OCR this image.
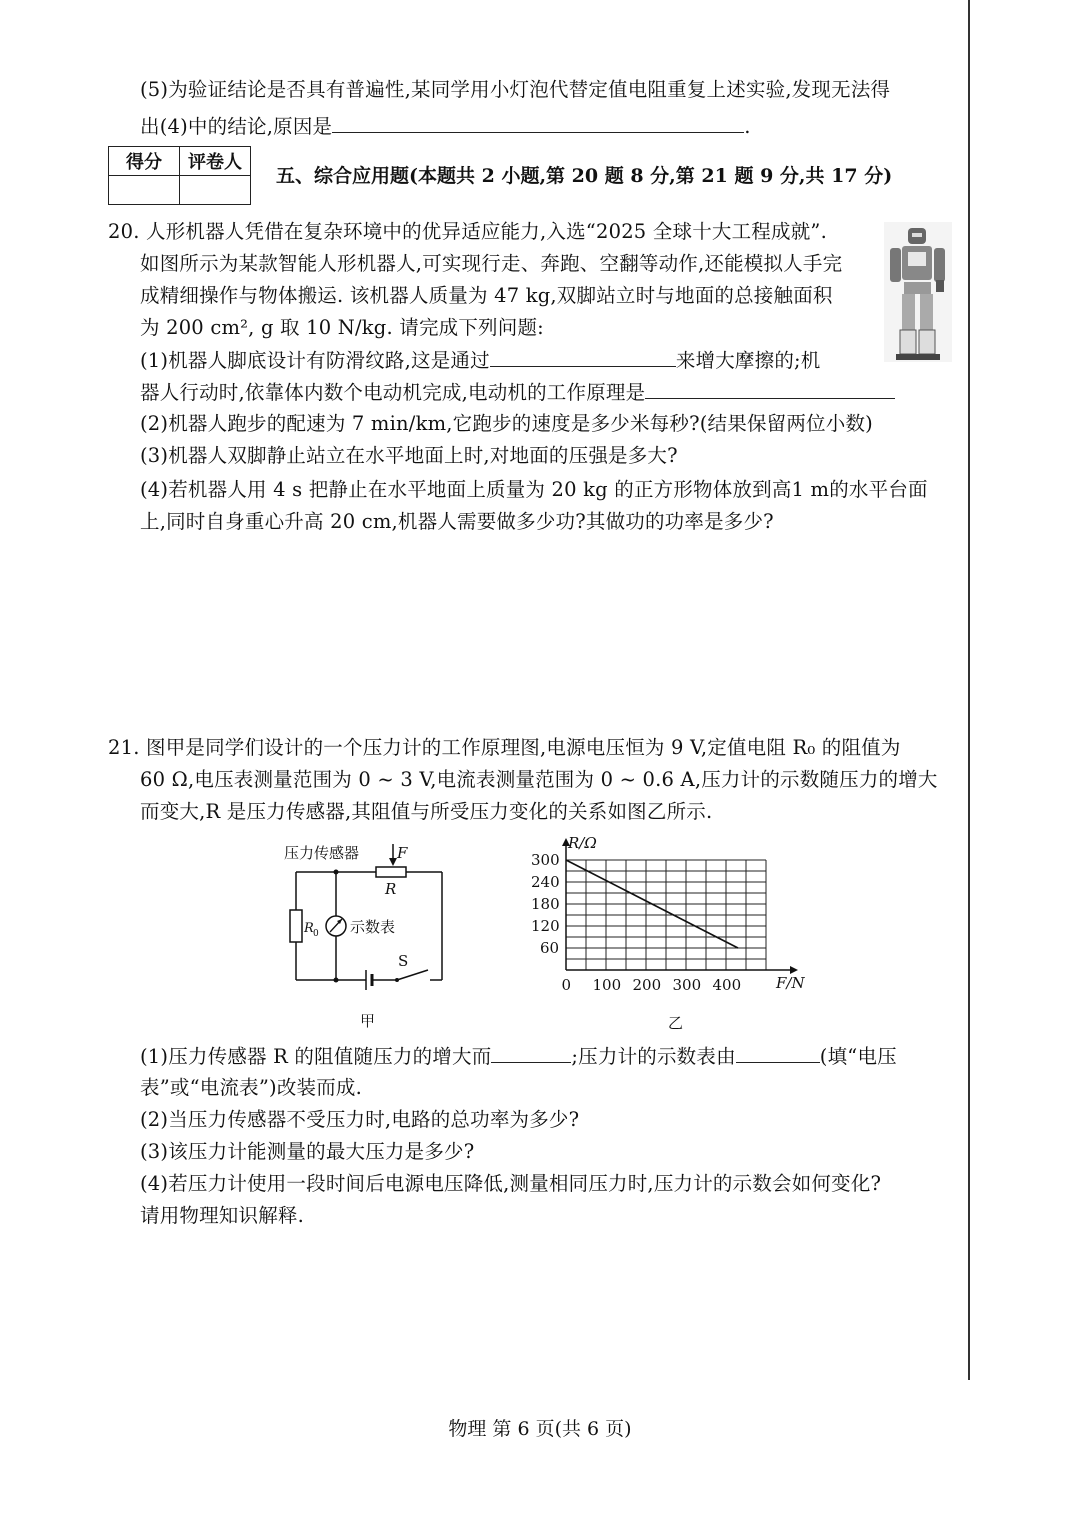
(5)为验证结论是否具有普遍性,某同学用小灯泡代替定值电阻重复上述实验,发现无法得
出(4)中的结论,原因是	.
得分	评卷人

五、综合应用题(本题共 2 小题,第 20 题 8 分,第 21 题 9 分,共 17 分)
20. 人形机器人凭借在复杂环境中的优异适应能力,入选“2025 全球十大工程成就”.
如图所示为某款智能人形机器人,可实现行走、奔跑、空翻等动作,还能模拟人手完
成精细操作与物体搬运. 该机器人质量为 47 kg,双脚站立时与地面的总接触面积
为 200 cm², g 取 10 N/kg. 请完成下列问题:
(1)机器人脚底设计有防滑纹路,这是通过	来增大摩擦的;机
器人行动时,依靠体内数个电动机完成,电动机的工作原理是
(2)机器人跑步的配速为 7 min/km,它跑步的速度是多少米每秒?(结果保留两位小数)
(3)机器人双脚静止站立在水平地面上时,对地面的压强是多大?
(4)若机器人用 4 s 把静止在水平地面上质量为 20 kg 的正方形物体放到高1 m的水平台面
上,同时自身重心升高 20 cm,机器人需要做多少功?其做功的功率是多少?
21. 图甲是同学们设计的一个压力计的工作原理图,电源电压恒为 9 V,定值电阻 R₀ 的阻值为
60 Ω,电压表测量范围为 0 ~ 3 V,电流表测量范围为 0 ~ 0.6 A,压力计的示数随压力的增大
而变大,R 是压力传感器,其阻值与所受压力变化的关系如图乙所示.
压力传感器	F
R
S
R 0 示数表
甲
0 100 200 300 400
60
120
180
240
300
R/Ω
F/N
乙
(1)压力传感器 R 的阻值随压力的增大而	;压力计的示数表由	(填“电压
表”或“电流表”)改装而成.
(2)当压力传感器不受压力时,电路的总功率为多少?
(3)该压力计能测量的最大压力是多少?
(4)若压力计使用一段时间后电源电压降低,测量相同压力时,压力计的示数会如何变化?
请用物理知识解释.
物理 第 6 页(共 6 页)
